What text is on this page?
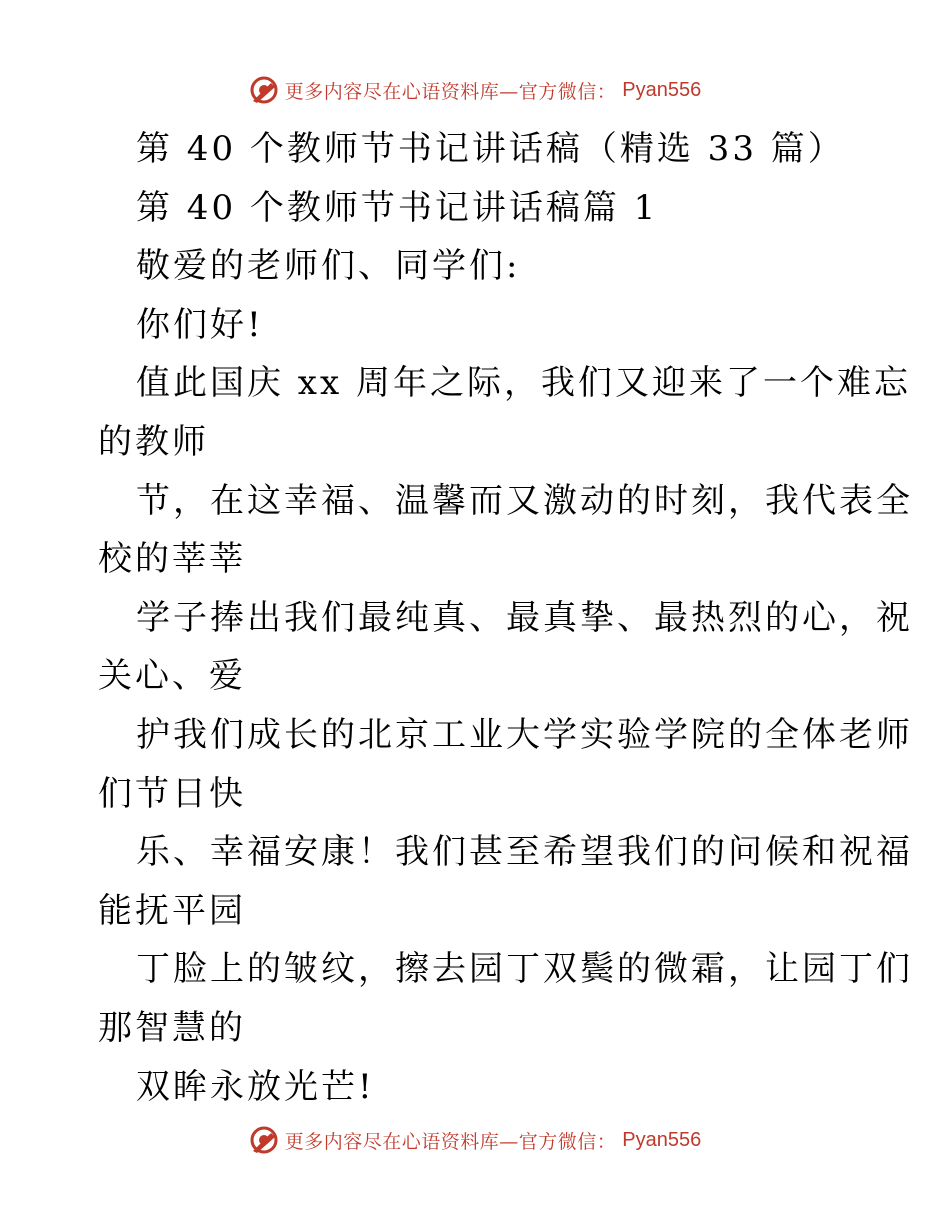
更多内容尽在心语资料库—官方微信： Pyan556
第 40 个教师节书记讲话稿（精选 33 篇）
第 40 个教师节书记讲话稿篇 1
敬爱的老师们、同学们:
你们好!
值此国庆 xx 周年之际，我们又迎来了一个难忘
的教师
节，在这幸福、温馨而又激动的时刻，我代表全
校的莘莘
学子捧出我们最纯真、最真挚、最热烈的心，祝
关心、爱
护我们成长的北京工业大学实验学院的全体老师
们节日快
乐、幸福安康！我们甚至希望我们的问候和祝福
能抚平园
丁脸上的皱纹，擦去园丁双鬓的微霜，让园丁们
那智慧的
双眸永放光芒!
更多内容尽在心语资料库—官方微信： Pyan556
